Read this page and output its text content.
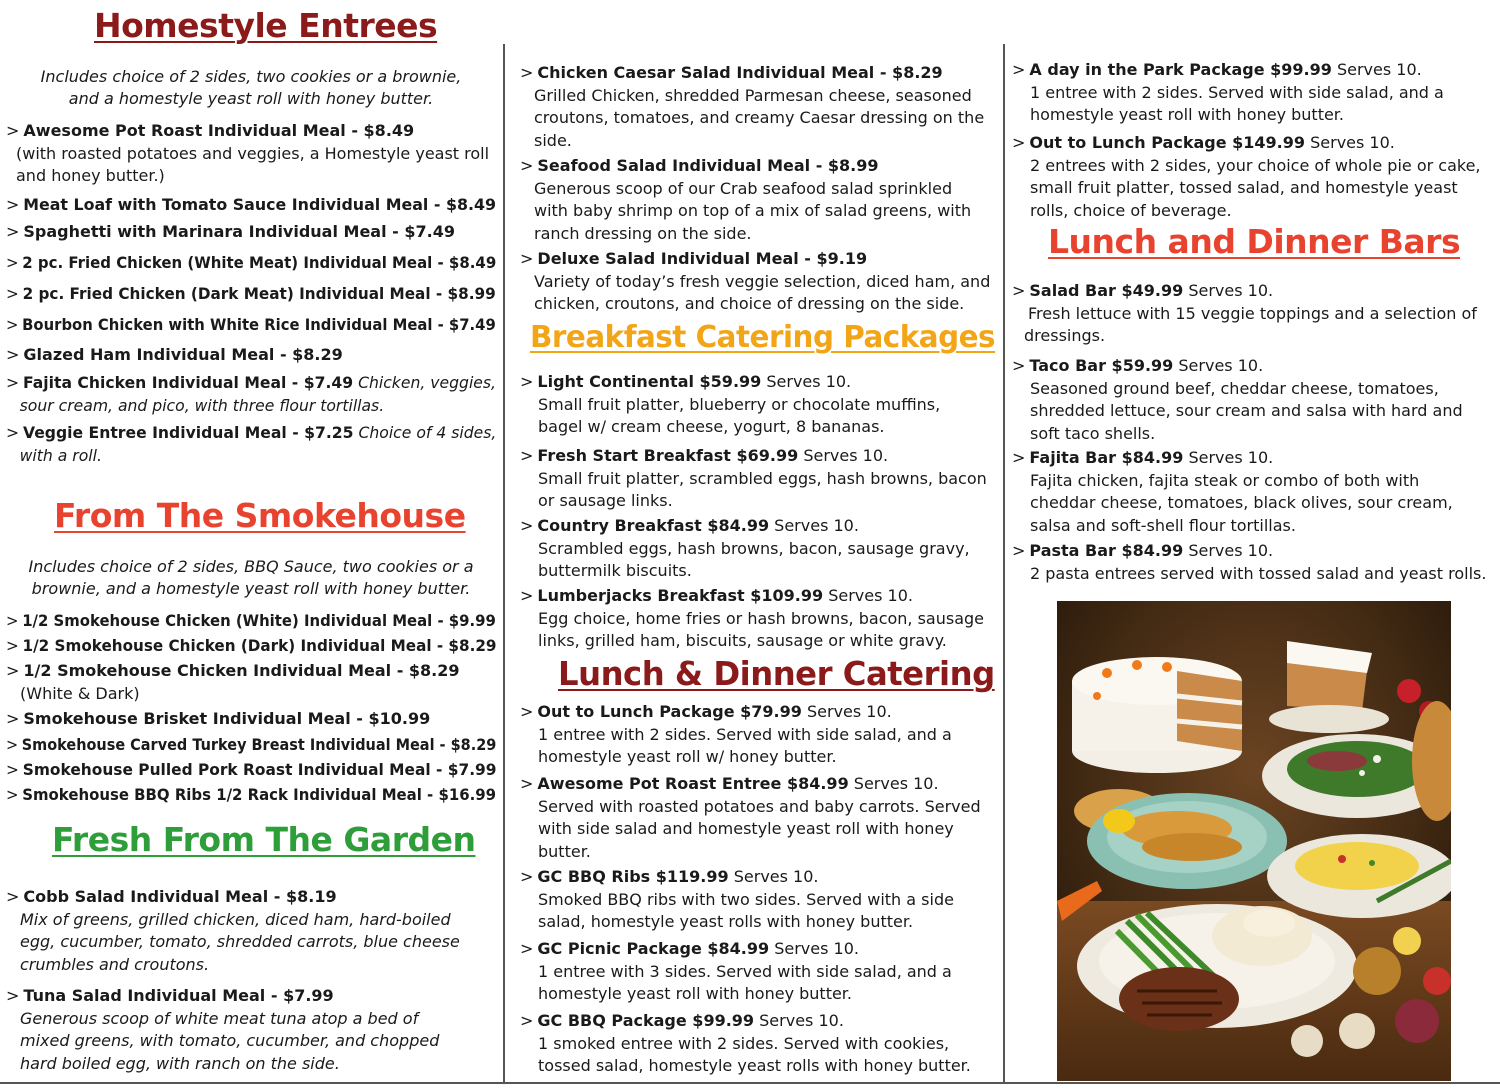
Homestyle Entrees

Includes choice of 2 sides, two cookies or a brownie,

and a homestyle yeast roll with honey butter.

> Awesome Pot Roast Individual Meal - $8.49
(with roasted potatoes and veggies, a Homestyle yeast roll
and honey butter.)
> Meat Loaf with Tomato Sauce Individual Meal - $8.49
> Spaghetti with Marinara Individual Meal - $7.49
> 2 pc. Fried Chicken (White Meat) Individual Meal - $8.49
> 2 pc. Fried Chicken (Dark Meat) Individual Meal - $8.99
> Bourbon Chicken with White Rice Individual Meal - $7.49
> Glazed Ham Individual Meal - $8.29
> Fajita Chicken Individual Meal - $7.49 Chicken, veggies,
sour cream, and pico, with three flour tortillas.
> Veggie Entree Individual Meal - $7.25 Choice of 4 sides,
with a roll.
From The Smokehouse

Includes choice of 2 sides, BBQ Sauce, two cookies or a

brownie, and a homestyle yeast roll with honey butter.

> 1/2 Smokehouse Chicken (White) Individual Meal - $9.99
> 1/2 Smokehouse Chicken (Dark) Individual Meal - $8.29
> 1/2 Smokehouse Chicken Individual Meal - $8.29
(White & Dark)
> Smokehouse Brisket Individual Meal - $10.99
> Smokehouse Carved Turkey Breast Individual Meal - $8.29
> Smokehouse Pulled Pork Roast Individual Meal - $7.99
> Smokehouse BBQ Ribs 1/2 Rack Individual Meal - $16.99
Fresh From The Garden
> Cobb Salad Individual Meal - $8.19
Mix of greens, grilled chicken, diced ham, hard-boiled
egg, cucumber, tomato, shredded carrots, blue cheese
crumbles and croutons.
> Tuna Salad Individual Meal - $7.99
Generous scoop of white meat tuna atop a bed of
mixed greens, with tomato, cucumber, and chopped
hard boiled egg, with ranch on the side.
> Chicken Caesar Salad Individual Meal - $8.29
Grilled Chicken, shredded Parmesan cheese, seasoned
croutons, tomatoes, and creamy Caesar dressing on the
side.
> Seafood Salad Individual Meal - $8.99
Generous scoop of our Crab seafood salad sprinkled
with baby shrimp on top of a mix of salad greens, with
ranch dressing on the side.
> Deluxe Salad Individual Meal - $9.19
Variety of today’s fresh veggie selection, diced ham, and
chicken, croutons, and choice of dressing on the side.
Breakfast Catering Packages
> Light Continental $59.99 Serves 10.
Small fruit platter, blueberry or chocolate muffins,
bagel w/ cream cheese, yogurt, 8 bananas.
> Fresh Start Breakfast $69.99 Serves 10.
Small fruit platter, scrambled eggs, hash browns, bacon
or sausage links.
> Country Breakfast $84.99 Serves 10.
Scrambled eggs, hash browns, bacon, sausage gravy,
buttermilk biscuits.
> Lumberjacks Breakfast $109.99 Serves 10.
Egg choice, home fries or hash browns, bacon, sausage
links, grilled ham, biscuits, sausage or white gravy.
Lunch & Dinner Catering
> Out to Lunch Package $79.99 Serves 10.
1 entree with 2 sides. Served with side salad, and a
homestyle yeast roll w/ honey butter.
> Awesome Pot Roast Entree $84.99 Serves 10.
Served with roasted potatoes and baby carrots. Served
with side salad and homestyle yeast roll with honey
butter.
> GC BBQ Ribs $119.99 Serves 10.
Smoked BBQ ribs with two sides. Served with a side
salad, homestyle yeast rolls with honey butter.
> GC Picnic Package $84.99 Serves 10.
1 entree with 3 sides. Served with side salad, and a
homestyle yeast roll with honey butter.
> GC BBQ Package $99.99 Serves 10.
1 smoked entree with 2 sides. Served with cookies,
tossed salad, homestyle yeast rolls with honey butter.
> A day in the Park Package $99.99 Serves 10.
1 entree with 2 sides. Served with side salad, and a
homestyle yeast roll with honey butter.
> Out to Lunch Package $149.99 Serves 10.
2 entrees with 2 sides, your choice of whole pie or cake,
small fruit platter, tossed salad, and homestyle yeast
rolls, choice of beverage.
Lunch and Dinner Bars
> Salad Bar $49.99 Serves 10.
Fresh lettuce with 15 veggie toppings and a selection of
dressings.
> Taco Bar $59.99 Serves 10.
Seasoned ground beef, cheddar cheese, tomatoes,
shredded lettuce, sour cream and salsa with hard and
soft taco shells.
> Fajita Bar $84.99 Serves 10.
Fajita chicken, fajita steak or combo of both with
cheddar cheese, tomatoes, black olives, sour cream,
salsa and soft-shell flour tortillas.
> Pasta Bar $84.99 Serves 10.
2 pasta entrees served with tossed salad and yeast rolls.
